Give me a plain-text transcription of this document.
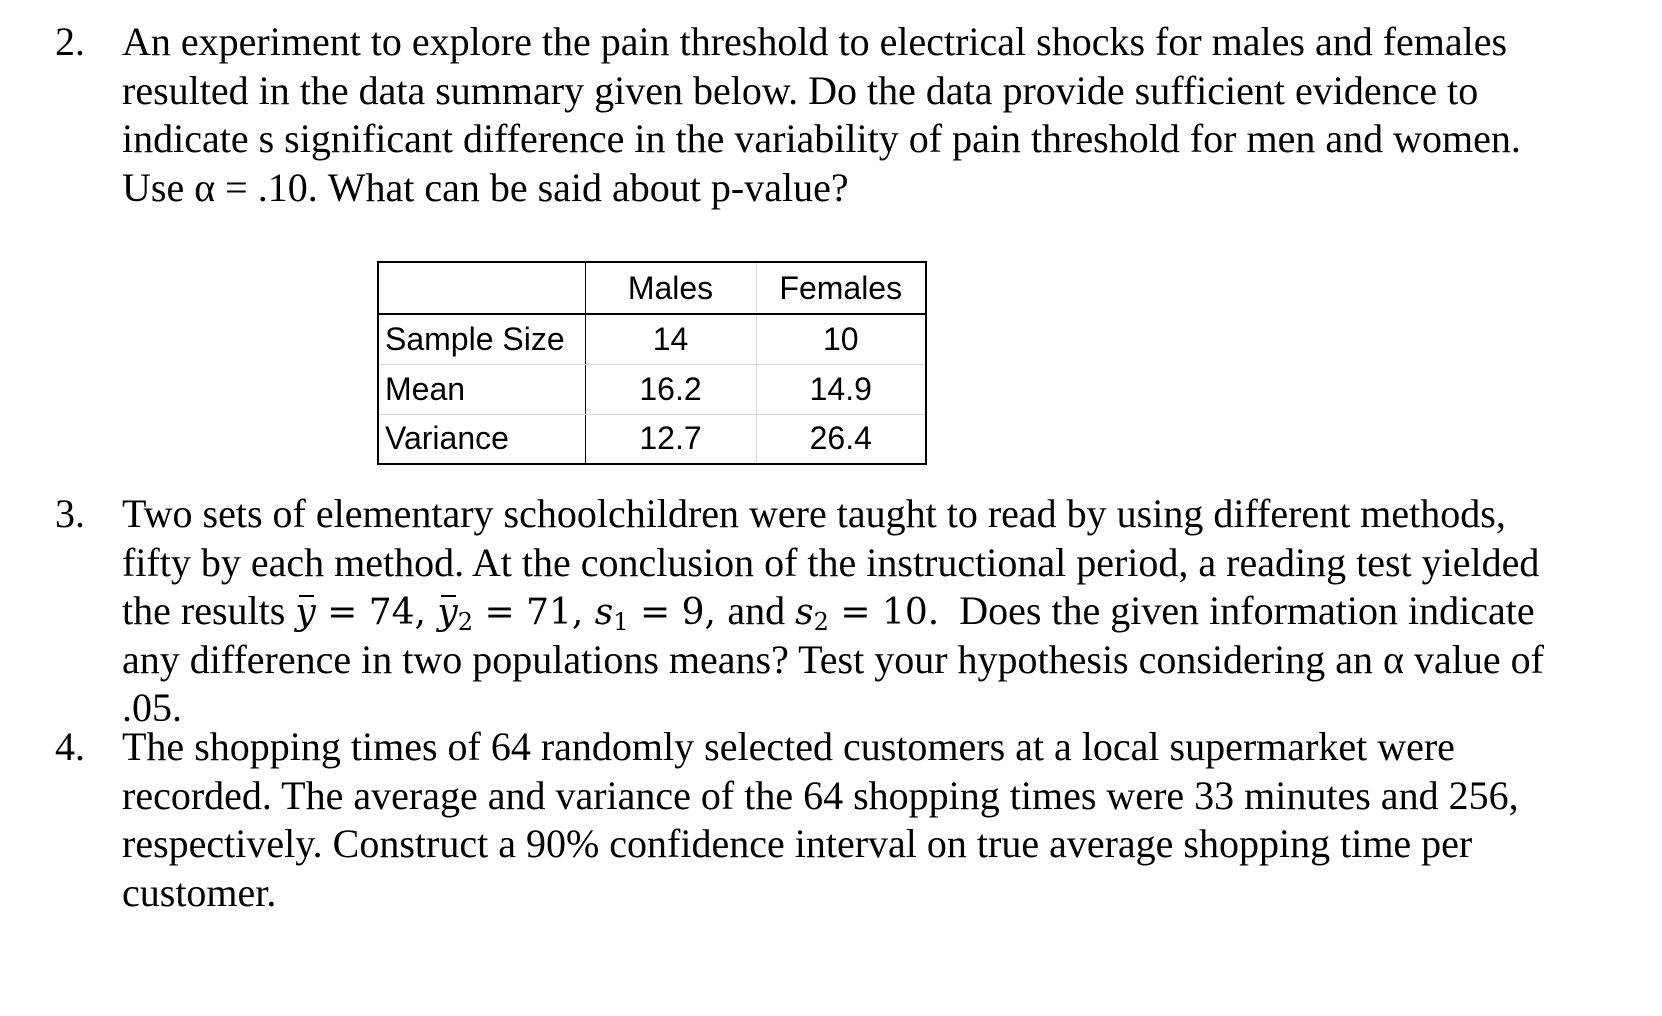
2. An experiment to explore the pain threshold to electrical shocks for males and females
resulted in the data summary given below. Do the data provide sufficient evidence to
indicate s significant difference in the variability of pain threshold for men and women.
Use α = .10. What can be said about p-value?
	Males	Females
Sample Size	14	10
Mean	16.2	14.9
Variance	12.7	26.4
3. Two sets of elementary schoolchildren were taught to read by using different methods,
fifty by each method. At the conclusion of the instructional period, a reading test yielded
the results y = 74, $y_2 = 71$, $s_1 = 9$, and $s_2 = 10$.  Does the given information indicate
any difference in two populations means? Test your hypothesis considering an α value of
.05.
4. The shopping times of 64 randomly selected customers at a local supermarket were
recorded. The average and variance of the 64 shopping times were 33 minutes and 256,
respectively. Construct a 90% confidence interval on true average shopping time per
customer.
